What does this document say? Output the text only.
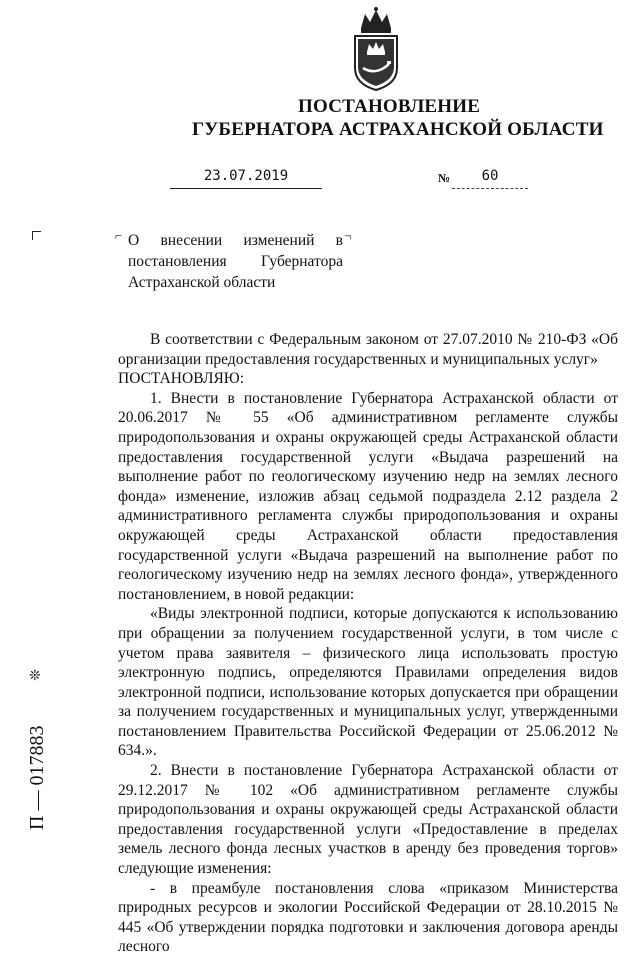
ПОСТАНОВЛЕНИЕ
ГУБЕРНАТОРА АСТРАХАНСКОЙ ОБЛАСТИ
23.07.2019	№	60
⌐	¬
О внесении изменений в постановления Губернатора Астраханской области

В соответствии с Федеральным законом от 27.07.2010 № 210-ФЗ «Об организации предоставления государственных и муниципальных услуг»

ПОСТАНОВЛЯЮ:

1. Внести в постановление Губернатора Астраханской области от 20.06.2017 № 55 «Об административном регламенте службы природопользования и охраны окружающей среды Астраханской области предоставления государственной услуги «Выдача разрешений на выполнение работ по геологическому изучению недр на землях лесного фонда» изменение, изложив абзац седьмой подраздела 2.12 раздела 2 административного регламента службы природопользования и охраны окружающей среды Астраханской области предоставления государственной услуги «Выдача разрешений на выполнение работ по геологическому изучению недр на землях лесного фонда», утвержденного постановлением, в новой редакции:

«Виды электронной подписи, которые допускаются к использованию при обращении за получением государственной услуги, в том числе с учетом права заявителя – физического лица использовать простую электронную подпись, определяются Правилами определения видов электронной подписи, использование которых допускается при обращении за получением государственных и муниципальных услуг, утвержденными постановлением Правительства Российской Федерации от 25.06.2012 № 634.».

2. Внести в постановление Губернатора Астраханской области от 29.12.2017 № 102 «Об административном регламенте службы природопользования и охраны окружающей среды Астраханской области предоставления государственной услуги «Предоставление в пределах земель лесного фонда лесных участков в аренду без проведения торгов» следующие изменения:

- в преамбуле постановления слова «приказом Министерства природных ресурсов и экологии Российской Федерации от 28.10.2015 № 445 «Об утверждении порядка подготовки и заключения договора аренды лесного

❊
П — 017883
